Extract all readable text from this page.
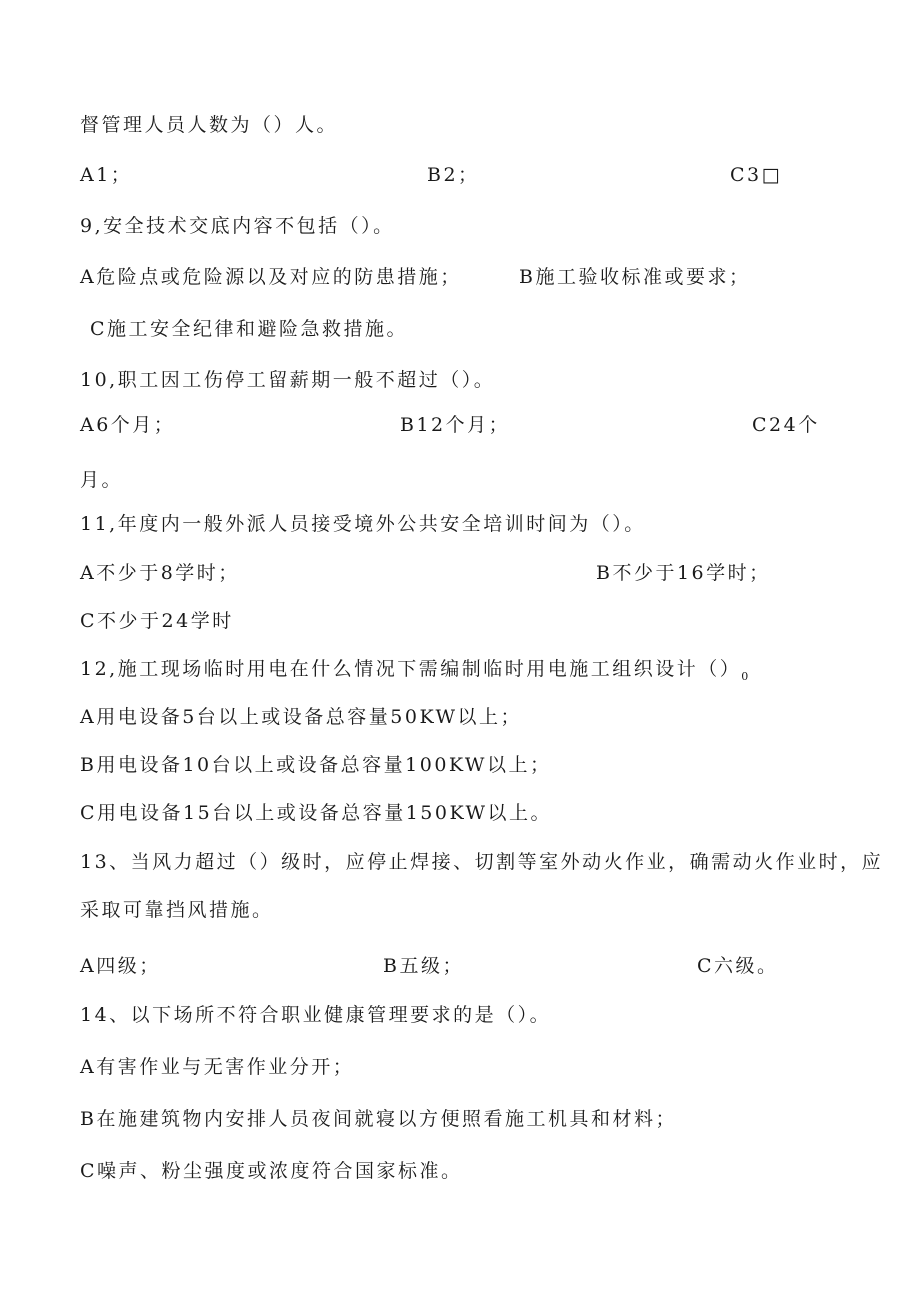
督管理人员人数为（）人。
A1；	B2；	C3□
9,安全技术交底内容不包括（）。
A危险点或危险源以及对应的防患措施；	B施工验收标准或要求；
C施工安全纪律和避险急救措施。
10,职工因工伤停工留薪期一般不超过（）。
A6个月；	B12个月；	C24个
月。
11,年度内一般外派人员接受境外公共安全培训时间为（）。
A不少于8学时；	B不少于16学时；
C不少于24学时
12,施工现场临时用电在什么情况下需编制临时用电施工组织设计$()_0$
A用电设备5台以上或设备总容量50KW以上；
B用电设备10台以上或设备总容量100KW以上；
C用电设备15台以上或设备总容量150KW以上。
13、当风力超过（）级时，应停止焊接、切割等室外动火作业，确需动火作业时，应
采取可靠挡风措施。
A四级；	B五级；	C六级。
14、以下场所不符合职业健康管理要求的是（）。
A有害作业与无害作业分开；
B在施建筑物内安排人员夜间就寝以方便照看施工机具和材料；
C噪声、粉尘强度或浓度符合国家标准。
